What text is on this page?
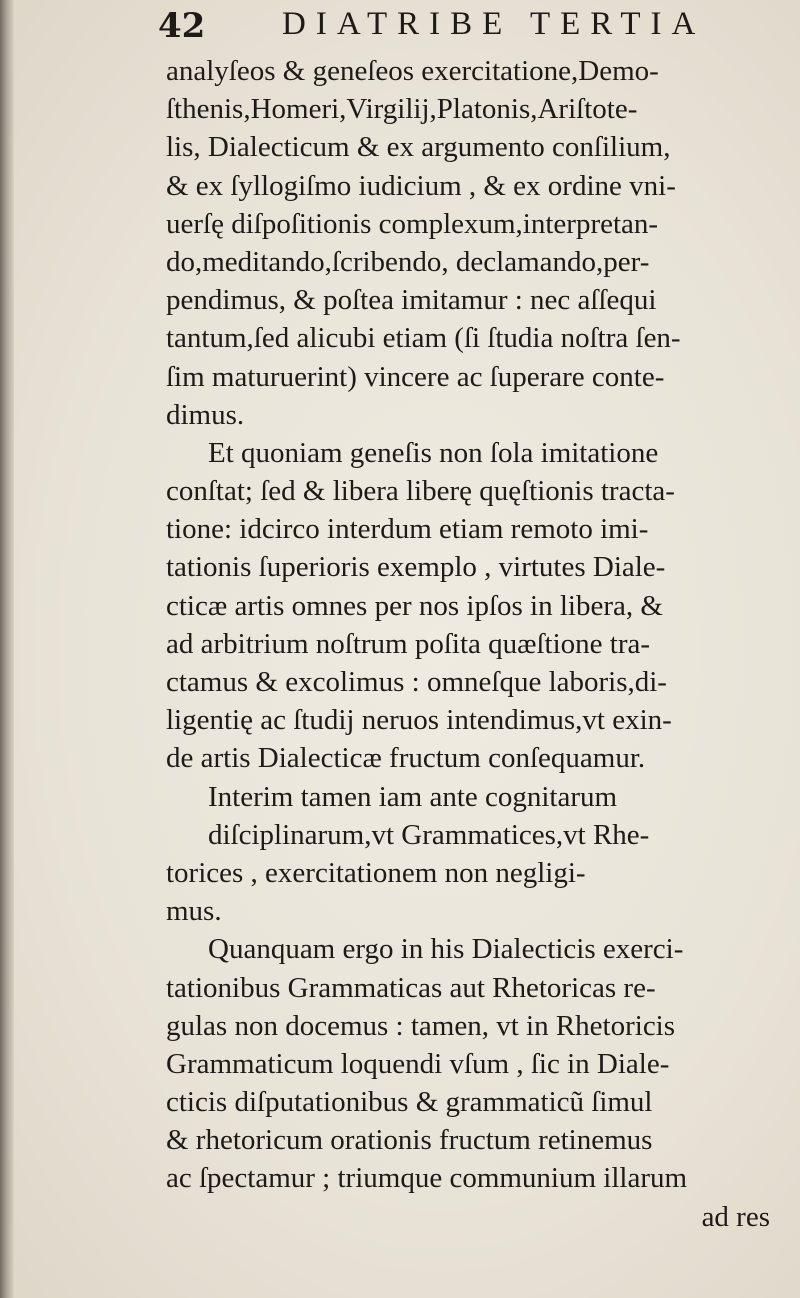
42 DIATRIBE TERTIA
analyſeos & geneſeos exercitatione,Demo-
ſthenis,Homeri,Virgilij,Platonis,Ariſtote-
lis, Dialecticum & ex argumento conſilium,
& ex ſyllogiſmo iudicium , & ex ordine vni-
uerſę diſpoſitionis complexum,interpretan-
do,meditando,ſcribendo, declamando,per-
pendimus, & poſtea imitamur : nec aſſequi
tantum,ſed alicubi etiam (ſi ſtudia noſtra ſen-
ſim maturuerint) vincere ac ſuperare conte-
dimus.
Et quoniam geneſis non ſola imitatione
conſtat; ſed & libera liberę quęſtionis tracta-
tione: idcirco interdum etiam remoto imi-
tationis ſuperioris exemplo , virtutes Diale-
cticæ artis omnes per nos ipſos in libera, &
ad arbitrium noſtrum poſita quæſtione tra-
ctamus & excolimus : omneſque laboris,di-
ligentię ac ſtudij neruos intendimus,vt exin-
de artis Dialecticæ fructum conſequamur.
Interim tamen iam ante cognitarum
diſciplinarum,vt Grammatices,vt Rhe-
torices , exercitationem non negligi-
mus.
Quanquam ergo in his Dialecticis exerci-
tationibus Grammaticas aut Rhetoricas re-
gulas non docemus : tamen, vt in Rhetoricis
Grammaticum loquendi vſum , ſic in Diale-
cticis diſputationibus & grammaticũ ſimul
& rhetoricum orationis fructum retinemus
ac ſpectamur ; triumque communium illarum
ad res
